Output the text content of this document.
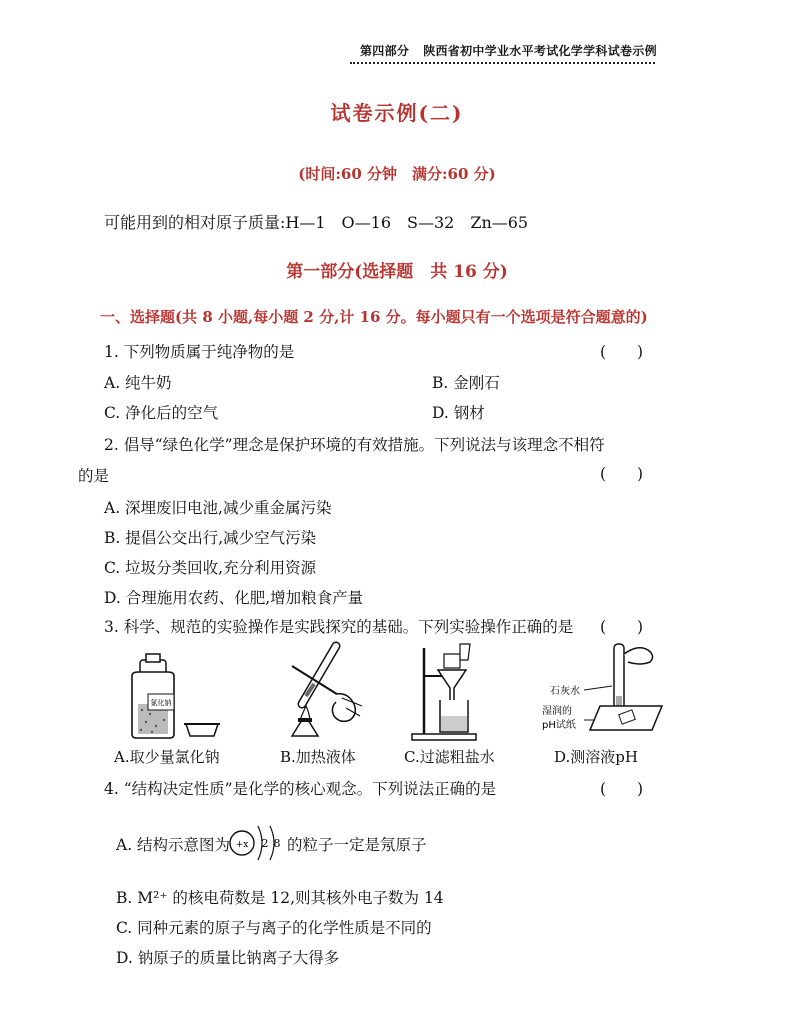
第四部分 陕西省初中学业水平考试化学学科试卷示例
试卷示例(二)
(时间:60 分钟　满分:60 分)
可能用到的相对原子质量:H—1　O—16　S—32　Zn—65
第一部分(选择题　共 16 分)
一、选择题(共 8 小题,每小题 2 分,计 16 分。每小题只有一个选项是符合题意的)
1. 下列物质属于纯净物的是	(　　)
A. 纯牛奶	B. 金刚石
C. 净化后的空气	D. 钢材
2. 倡导“绿色化学”理念是保护环境的有效措施。下列说法与该理念不相符
的是	(　　)
A. 深埋废旧电池,减少重金属污染
B. 提倡公交出行,减少空气污染
C. 垃圾分类回收,充分利用资源
D. 合理施用农药、化肥,增加粮食产量
3. 科学、规范的实验操作是实践探究的基础。下列实验操作正确的是 (　　)
氯化钠
石灰水
湿润的
pH试纸
A.取少量氯化钠	B.加热液体	C.过滤粗盐水	D.测溶液pH
4. “结构决定性质”是化学的核心观念。下列说法正确的是	(　　)
A. 结构示意图为 +x 2 8 的粒子一定是氖原子
B. M²⁺ 的核电荷数是 12,则其核外电子数为 14
C. 同种元素的原子与离子的化学性质是不同的
D. 钠原子的质量比钠离子大得多
